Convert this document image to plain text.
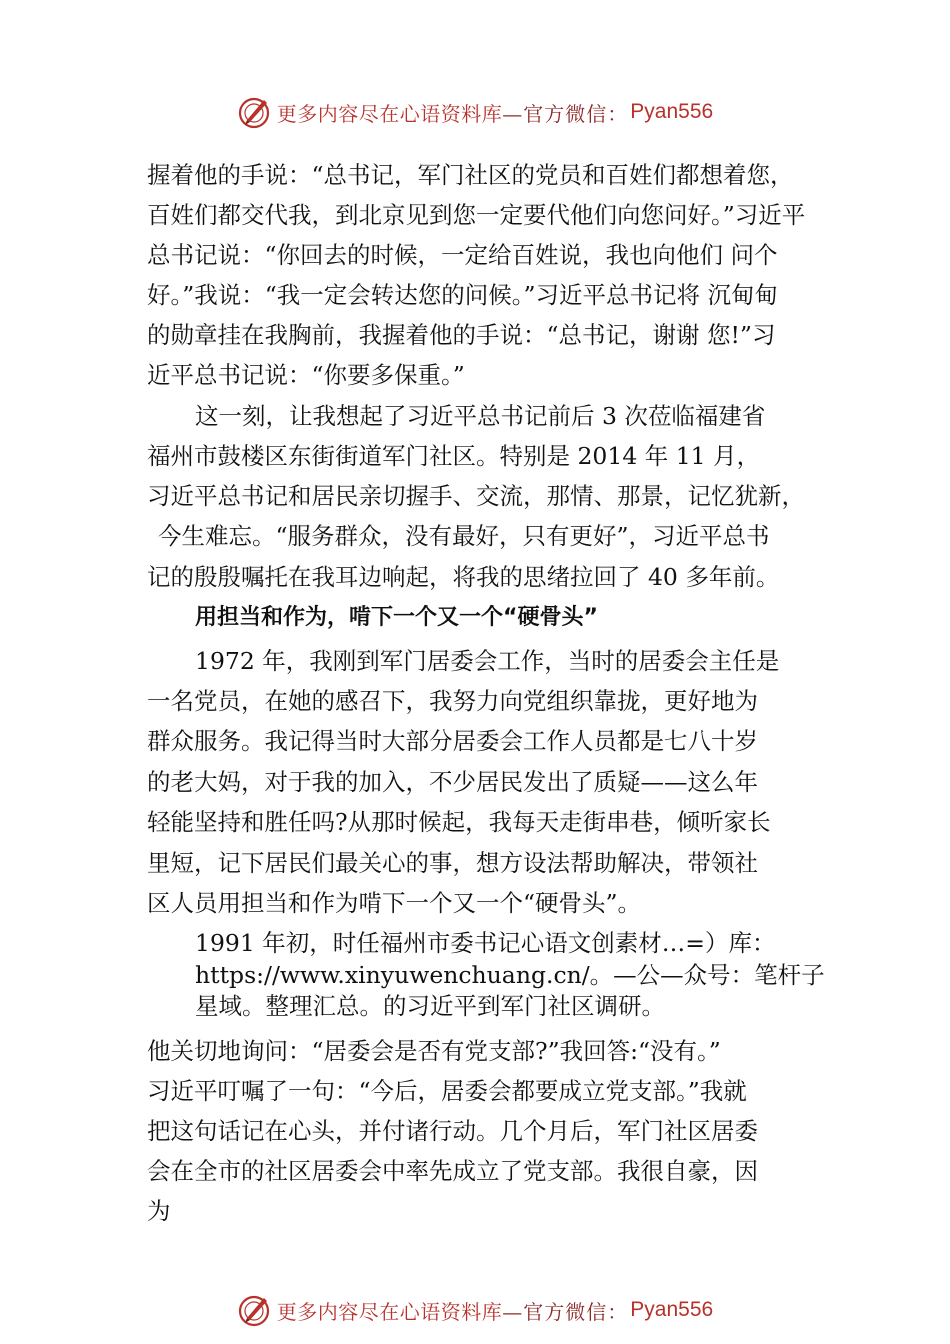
更多内容尽在心语资料库 —官方微信： Pyan556
握着他的手说：“总书记，军门社区的党员和百姓们都想着您，
百姓们都交代我，到北京见到您一定要代他们向您问好。”习近平
总书记说：“你回去的时候，一定给百姓说，我也向他们 问个
好。”我说：“我一定会转达您的问候。”习近平总书记将 沉甸甸
的勋章挂在我胸前，我握着他的手说：“总书记，谢谢 您!”习
近平总书记说：“你要多保重。”
这一刻，让我想起了习近平总书记前后 3 次莅临福建省
福州市鼓楼区东街街道军门社区。特别是 2014 年 11 月，
习近平总书记和居民亲切握手、交流，那情、那景，记忆犹新，
今生难忘。“服务群众，没有最好，只有更好”，习近平总书
记的殷殷嘱托在我耳边响起，将我的思绪拉回了 40 多年前。
用担当和作为，啃下一个又一个“硬骨头”
1972 年，我刚到军门居委会工作，当时的居委会主任是
一名党员，在她的感召下，我努力向党组织靠拢，更好地为
群众服务。我记得当时大部分居委会工作人员都是七八十岁
的老大妈，对于我的加入，不少居民发出了质疑——这么年
轻能坚持和胜任吗?从那时候起，我每天走街串巷，倾听家长
里短，记下居民们最关心的事，想方设法帮助解决，带领社
区人员用担当和作为啃下一个又一个“硬骨头”。
1991 年初，时任福州市委书记心语文创素材…=）库：
https://www.xinyuwenchuang.cn/。—公—众号：笔杆子
星域。整理汇总。的习近平到军门社区调研。
他关切地询问：“居委会是否有党支部?”我回答:“没有。”
习近平叮嘱了一句：“今后，居委会都要成立党支部。”我就
把这句话记在心头，并付诸行动。几个月后，军门社区居委
会在全市的社区居委会中率先成立了党支部。我很自豪，因
为
更多内容尽在心语资料库 —官方微信： Pyan556
